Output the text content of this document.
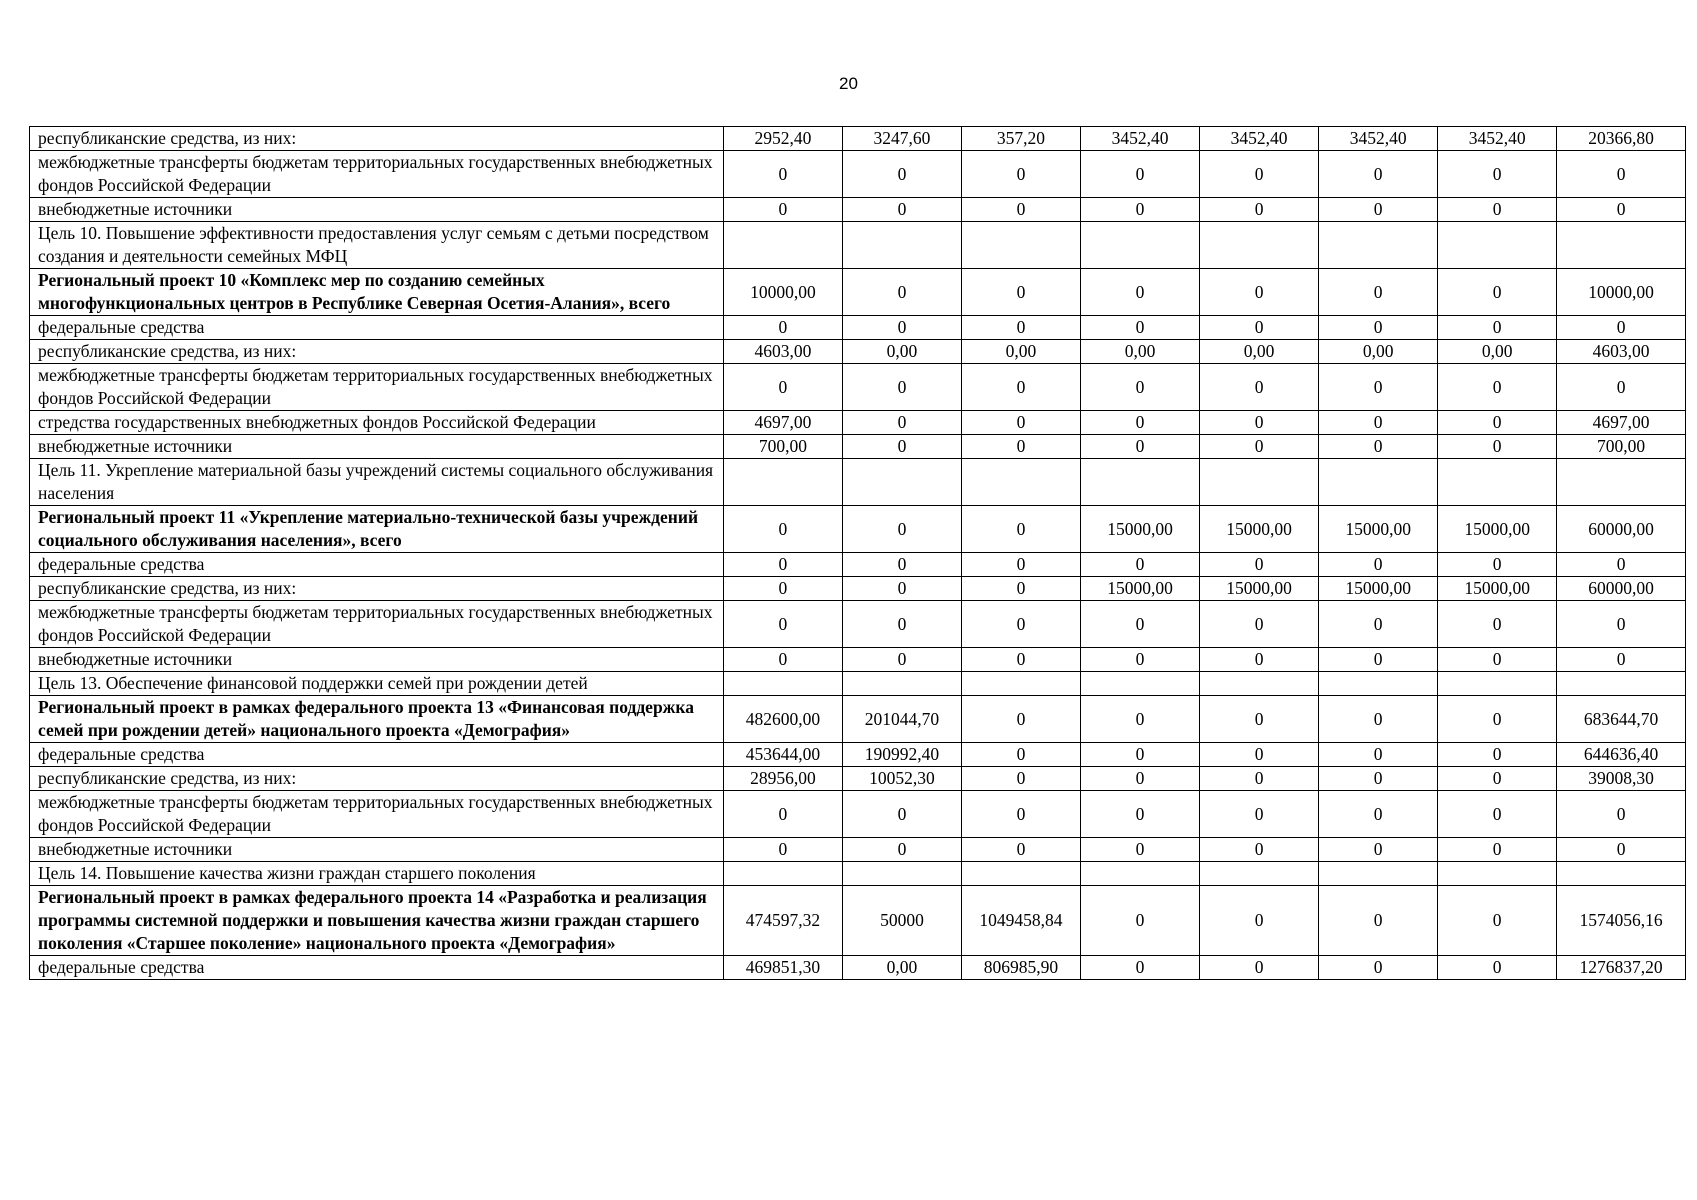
20
республиканские средства, из них:	2952,40	3247,60	357,20	3452,40	3452,40	3452,40	3452,40	20366,80
межбюджетные трансферты бюджетам территориальных государственных внебюджетных фондов Российской Федерации	0	0	0	0	0	0	0	0
внебюджетные источники	0	0	0	0	0	0	0	0
Цель 10. Повышение эффективности предоставления услуг семьям с детьми посредством создания и деятельности семейных МФЦ								
Региональный проект 10 «Комплекс мер по созданию семейных многофункциональных центров в Республике Северная Осетия-Алания», всего	10000,00	0	0	0	0	0	0	10000,00
федеральные средства	0	0	0	0	0	0	0	0
республиканские средства, из них:	4603,00	0,00	0,00	0,00	0,00	0,00	0,00	4603,00
межбюджетные трансферты бюджетам территориальных государственных внебюджетных фондов Российской Федерации	0	0	0	0	0	0	0	0
стредства государственных внебюджетных фондов Российской Федерации	4697,00	0	0	0	0	0	0	4697,00
внебюджетные источники	700,00	0	0	0	0	0	0	700,00
Цель 11. Укрепление материальной базы учреждений системы социального обслуживания населения								
Региональный проект 11 «Укрепление материально-технической базы учреждений социального обслуживания населения», всего	0	0	0	15000,00	15000,00	15000,00	15000,00	60000,00
федеральные средства	0	0	0	0	0	0	0	0
республиканские средства, из них:	0	0	0	15000,00	15000,00	15000,00	15000,00	60000,00
межбюджетные трансферты бюджетам территориальных государственных внебюджетных фондов Российской Федерации	0	0	0	0	0	0	0	0
внебюджетные источники	0	0	0	0	0	0	0	0
Цель 13. Обеспечение финансовой поддержки семей при рождении детей								
Региональный проект в рамках федерального проекта 13 «Финансовая поддержка семей при рождении детей» национального проекта «Демография»	482600,00	201044,70	0	0	0	0	0	683644,70
федеральные средства	453644,00	190992,40	0	0	0	0	0	644636,40
республиканские средства, из них:	28956,00	10052,30	0	0	0	0	0	39008,30
межбюджетные трансферты бюджетам территориальных государственных внебюджетных фондов Российской Федерации	0	0	0	0	0	0	0	0
внебюджетные источники	0	0	0	0	0	0	0	0
Цель 14. Повышение качества жизни граждан старшего поколения								
Региональный проект в рамках федерального проекта 14 «Разработка и реализация программы системной поддержки и повышения качества жизни граждан старшего поколения «Старшее поколение» национального проекта «Демография»	474597,32	50000	1049458,84	0	0	0	0	1574056,16
федеральные средства	469851,30	0,00	806985,90	0	0	0	0	1276837,20
